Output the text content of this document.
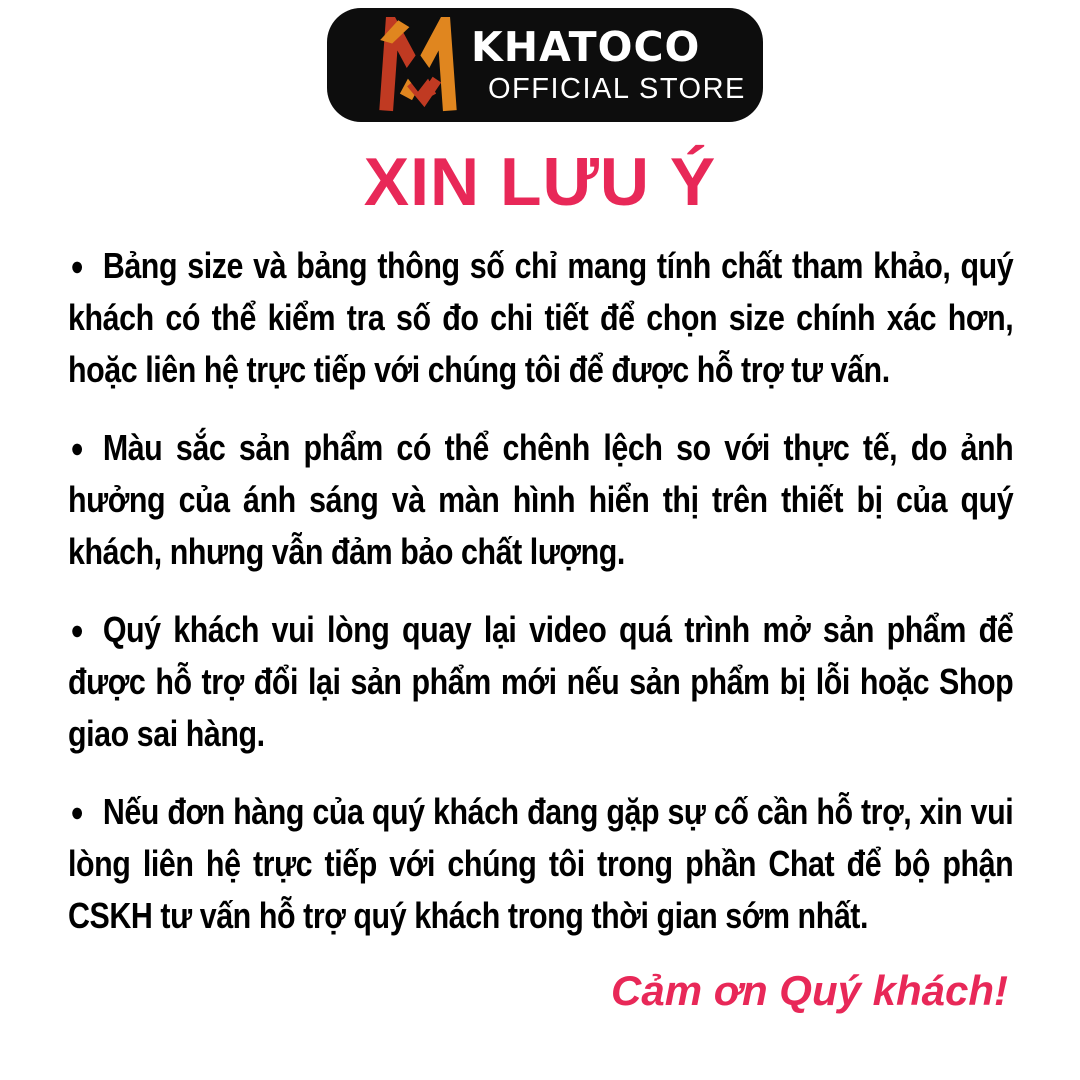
KHATOCO
OFFICIAL STORE
XIN LƯU Ý

● Bảng size và bảng thông số chỉ mang tính chất tham khảo, quý khách có thể kiểm tra số đo chi tiết để chọn size chính xác hơn, hoặc liên hệ trực tiếp với chúng tôi để được hỗ trợ tư vấn.

● Màu sắc sản phẩm có thể chênh lệch so với thực tế, do ảnh hưởng của ánh sáng và màn hình hiển thị trên thiết bị của quý khách, nhưng vẫn đảm bảo chất lượng.

● Quý khách vui lòng quay lại video quá trình mở sản phẩm để được hỗ trợ đổi lại sản phẩm mới nếu sản phẩm bị lỗi hoặc Shop giao sai hàng.

● Nếu đơn hàng của quý khách đang gặp sự cố cần hỗ trợ, xin vui lòng liên hệ trực tiếp với chúng tôi trong phần Chat để bộ phận CSKH tư vấn hỗ trợ quý khách trong thời gian sớm nhất.

Cảm ơn Quý khách!
